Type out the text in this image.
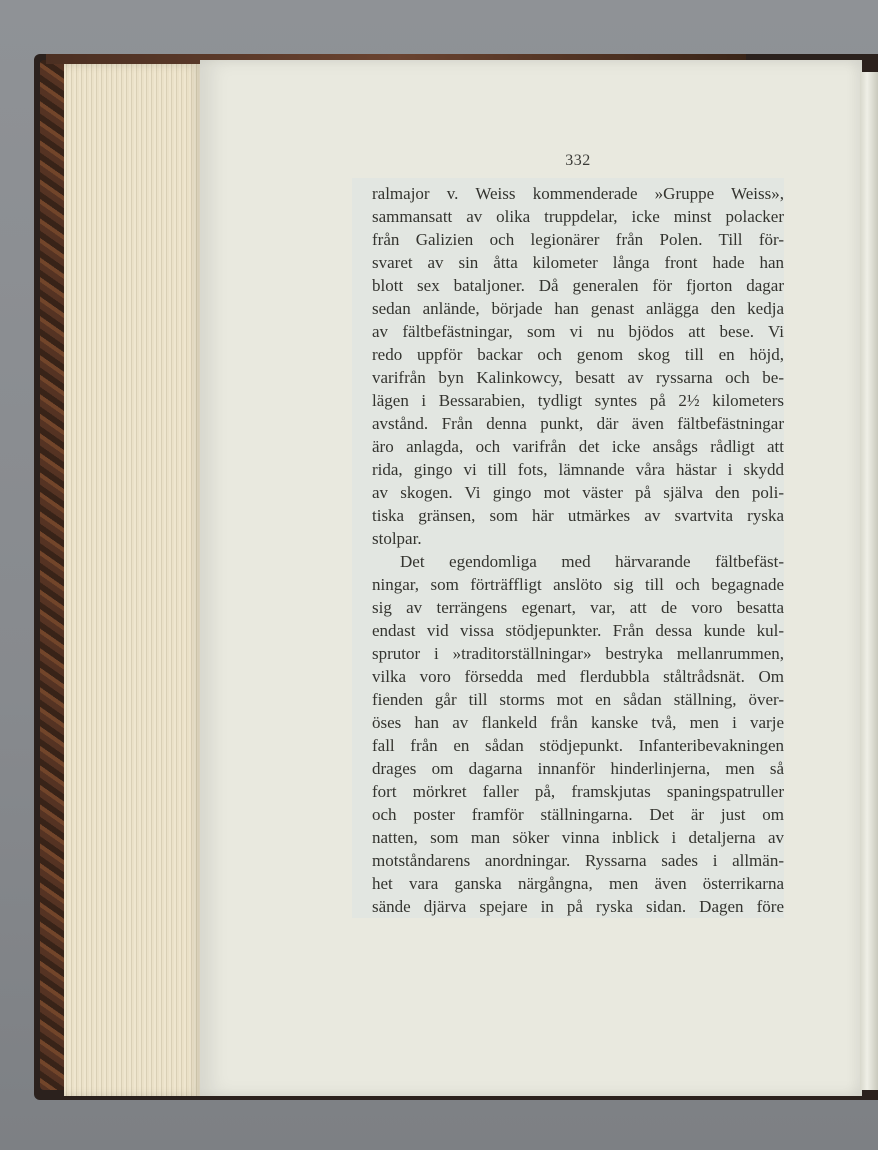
332
ralmajor v. Weiss kommenderade »Gruppe Weiss»,
sammansatt av olika truppdelar, icke minst polacker
från Galizien och legionärer från Polen. Till för-
svaret av sin åtta kilometer långa front hade han
blott sex bataljoner. Då generalen för fjorton dagar
sedan anlände, började han genast anlägga den kedja
av fältbefästningar, som vi nu bjödos att bese. Vi
redo uppför backar och genom skog till en höjd,
varifrån byn Kalinkowcy, besatt av ryssarna och be-
lägen i Bessarabien, tydligt syntes på 2½ kilometers
avstånd. Från denna punkt, där även fältbefästningar
äro anlagda, och varifrån det icke ansågs rådligt att
rida, gingo vi till fots, lämnande våra hästar i skydd
av skogen. Vi gingo mot väster på själva den poli-
tiska gränsen, som här utmärkes av svartvita ryska
stolpar.
Det egendomliga med härvarande fältbefäst-
ningar, som förträffligt anslöto sig till och begagnade
sig av terrängens egenart, var, att de voro besatta
endast vid vissa stödjepunkter. Från dessa kunde kul-
sprutor i »traditorställningar» bestryka mellanrummen,
vilka voro försedda med flerdubbla ståltrådsnät. Om
fienden går till storms mot en sådan ställning, över-
öses han av flankeld från kanske två, men i varje
fall från en sådan stödjepunkt. Infanteribevakningen
drages om dagarna innanför hinderlinjerna, men så
fort mörkret faller på, framskjutas spaningspatruller
och poster framför ställningarna. Det är just om
natten, som man söker vinna inblick i detaljerna av
motståndarens anordningar. Ryssarna sades i allmän-
het vara ganska närgångna, men även österrikarna
sände djärva spejare in på ryska sidan. Dagen före
